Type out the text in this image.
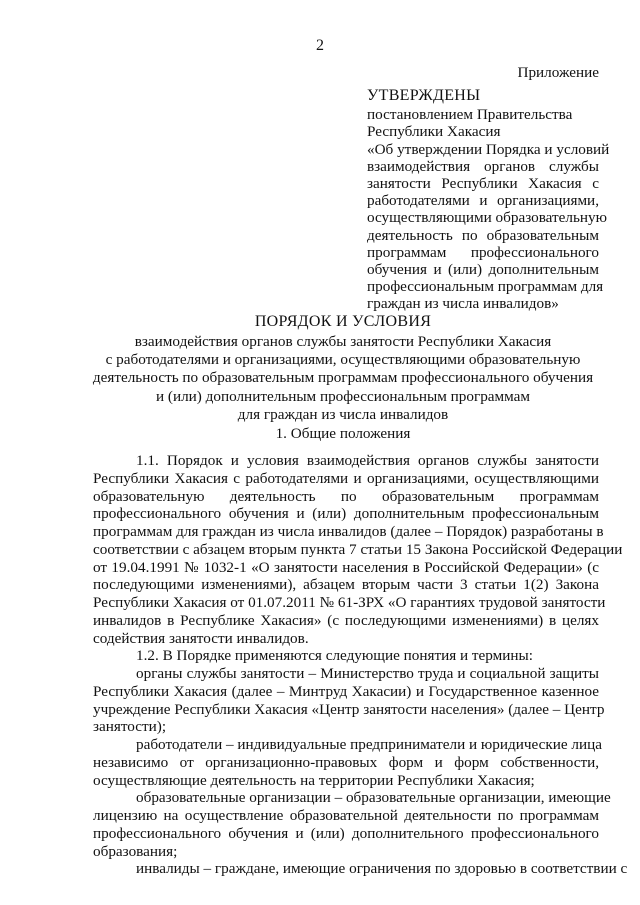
2
Приложение
УТВЕРЖДЕНЫ
постановлением Правительства
Республики Хакасия
«Об утверждении Порядка и условий
взаимодействия органов службы
занятости Республики Хакасия с
работодателями и организациями,
осуществляющими образовательную
деятельность по образовательным
программам профессионального
обучения и (или) дополнительным
профессиональным программам для
граждан из числа инвалидов»
ПОРЯДОК И УСЛОВИЯ
взаимодействия органов службы занятости Республики Хакасия
с работодателями и организациями, осуществляющими образовательную
деятельность по образовательным программам профессионального обучения
и (или) дополнительным профессиональным программам
для граждан из числа инвалидов
1. Общие положения
1.1. Порядок и условия взаимодействия органов службы занятости
Республики Хакасия с работодателями и организациями, осуществляющими
образовательную деятельность по образовательным программам
профессионального обучения и (или) дополнительным профессиональным
программам для граждан из числа инвалидов (далее – Порядок) разработаны в
соответствии с абзацем вторым пункта 7 статьи 15 Закона Российской Федерации
от 19.04.1991 № 1032-1 «О занятости населения в Российской Федерации» (с
последующими изменениями), абзацем вторым части 3 статьи 1(2) Закона
Республики Хакасия от 01.07.2011 № 61-ЗРХ «О гарантиях трудовой занятости
инвалидов в Республике Хакасия» (с последующими изменениями) в целях
содействия занятости инвалидов.
1.2. В Порядке применяются следующие понятия и термины:
органы службы занятости – Министерство труда и социальной защиты
Республики Хакасия (далее – Минтруд Хакасии) и Государственное казенное
учреждение Республики Хакасия «Центр занятости населения» (далее – Центр
занятости);
работодатели – индивидуальные предприниматели и юридические лица
независимо от организационно-правовых форм и форм собственности,
осуществляющие деятельность на территории Республики Хакасия;
образовательные организации – образовательные организации, имеющие
лицензию на осуществление образовательной деятельности по программам
профессионального обучения и (или) дополнительного профессионального
образования;
инвалиды – граждане, имеющие ограничения по здоровью в соответствии с
